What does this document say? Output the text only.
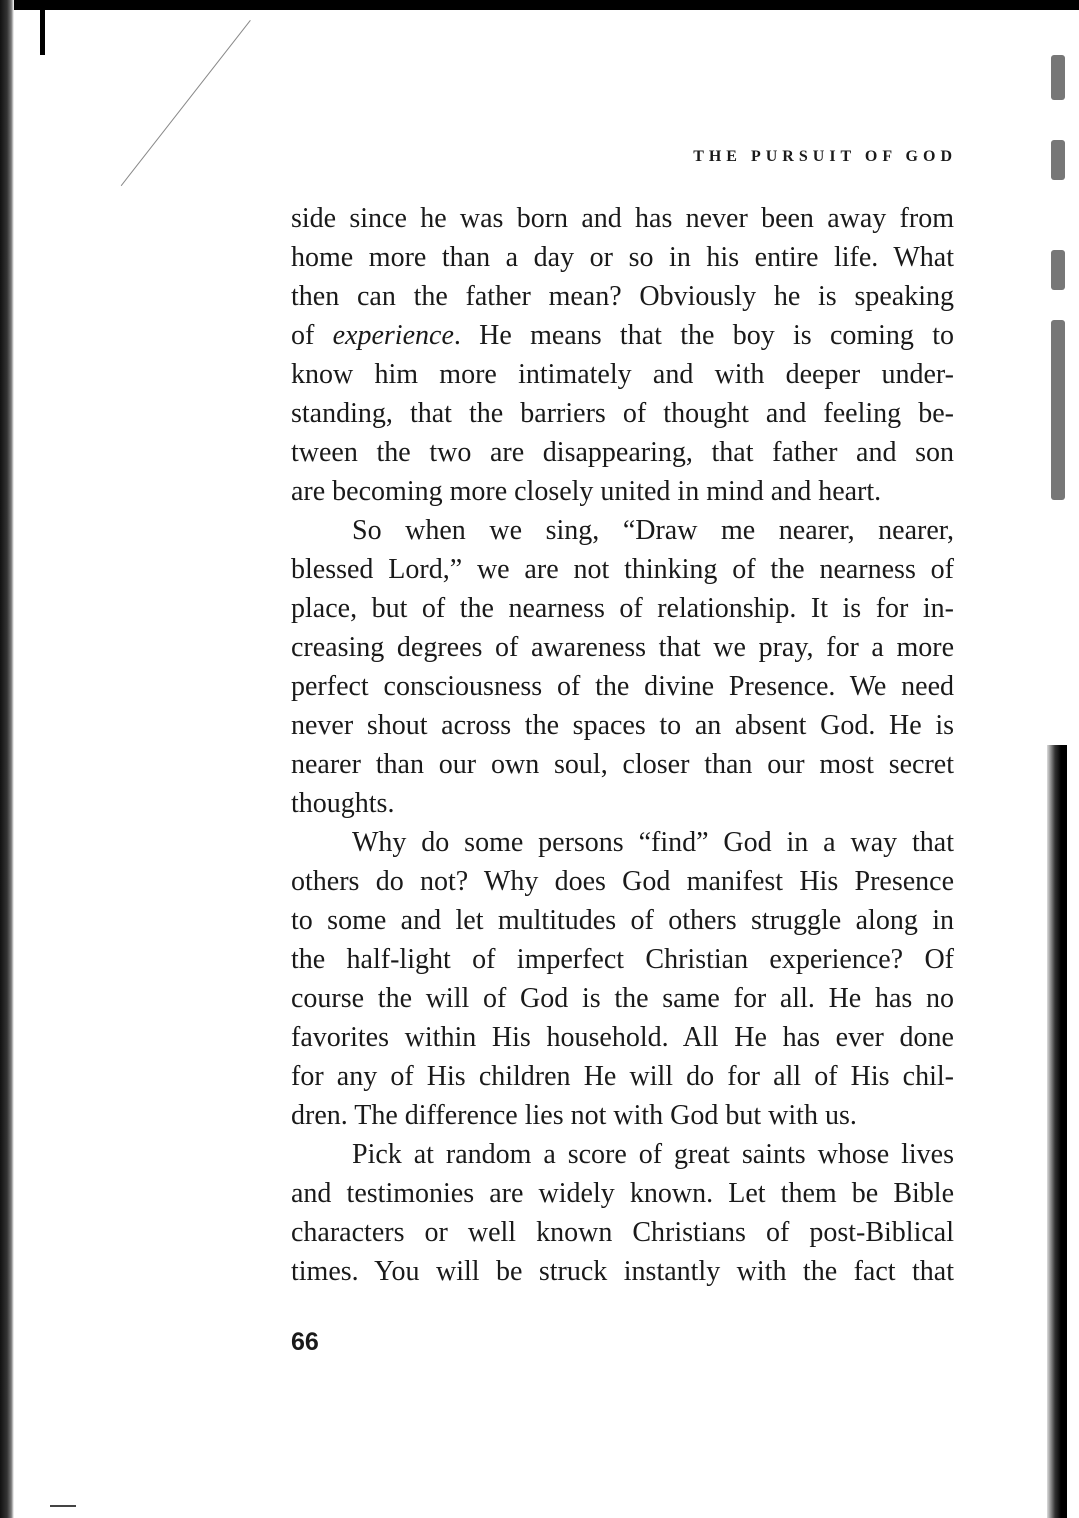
THE PURSUIT OF GOD
side since he was born and has never been away from
home more than a day or so in his entire life. What
then can the father mean? Obviously he is speaking
of experience. He means that the boy is coming to
know him more intimately and with deeper under-
standing, that the barriers of thought and feeling be-
tween the two are disappearing, that father and son
are becoming more closely united in mind and heart.
So when we sing, “Draw me nearer, nearer,
blessed Lord,” we are not thinking of the nearness of
place, but of the nearness of relationship. It is for in-
creasing degrees of awareness that we pray, for a more
perfect consciousness of the divine Presence. We need
never shout across the spaces to an absent God. He is
nearer than our own soul, closer than our most secret
thoughts.
Why do some persons “find” God in a way that
others do not? Why does God manifest His Presence
to some and let multitudes of others struggle along in
the half-light of imperfect Christian experience? Of
course the will of God is the same for all. He has no
favorites within His household. All He has ever done
for any of His children He will do for all of His chil-
dren. The difference lies not with God but with us.
Pick at random a score of great saints whose lives
and testimonies are widely known. Let them be Bible
characters or well known Christians of post-Biblical
times. You will be struck instantly with the fact that
66
